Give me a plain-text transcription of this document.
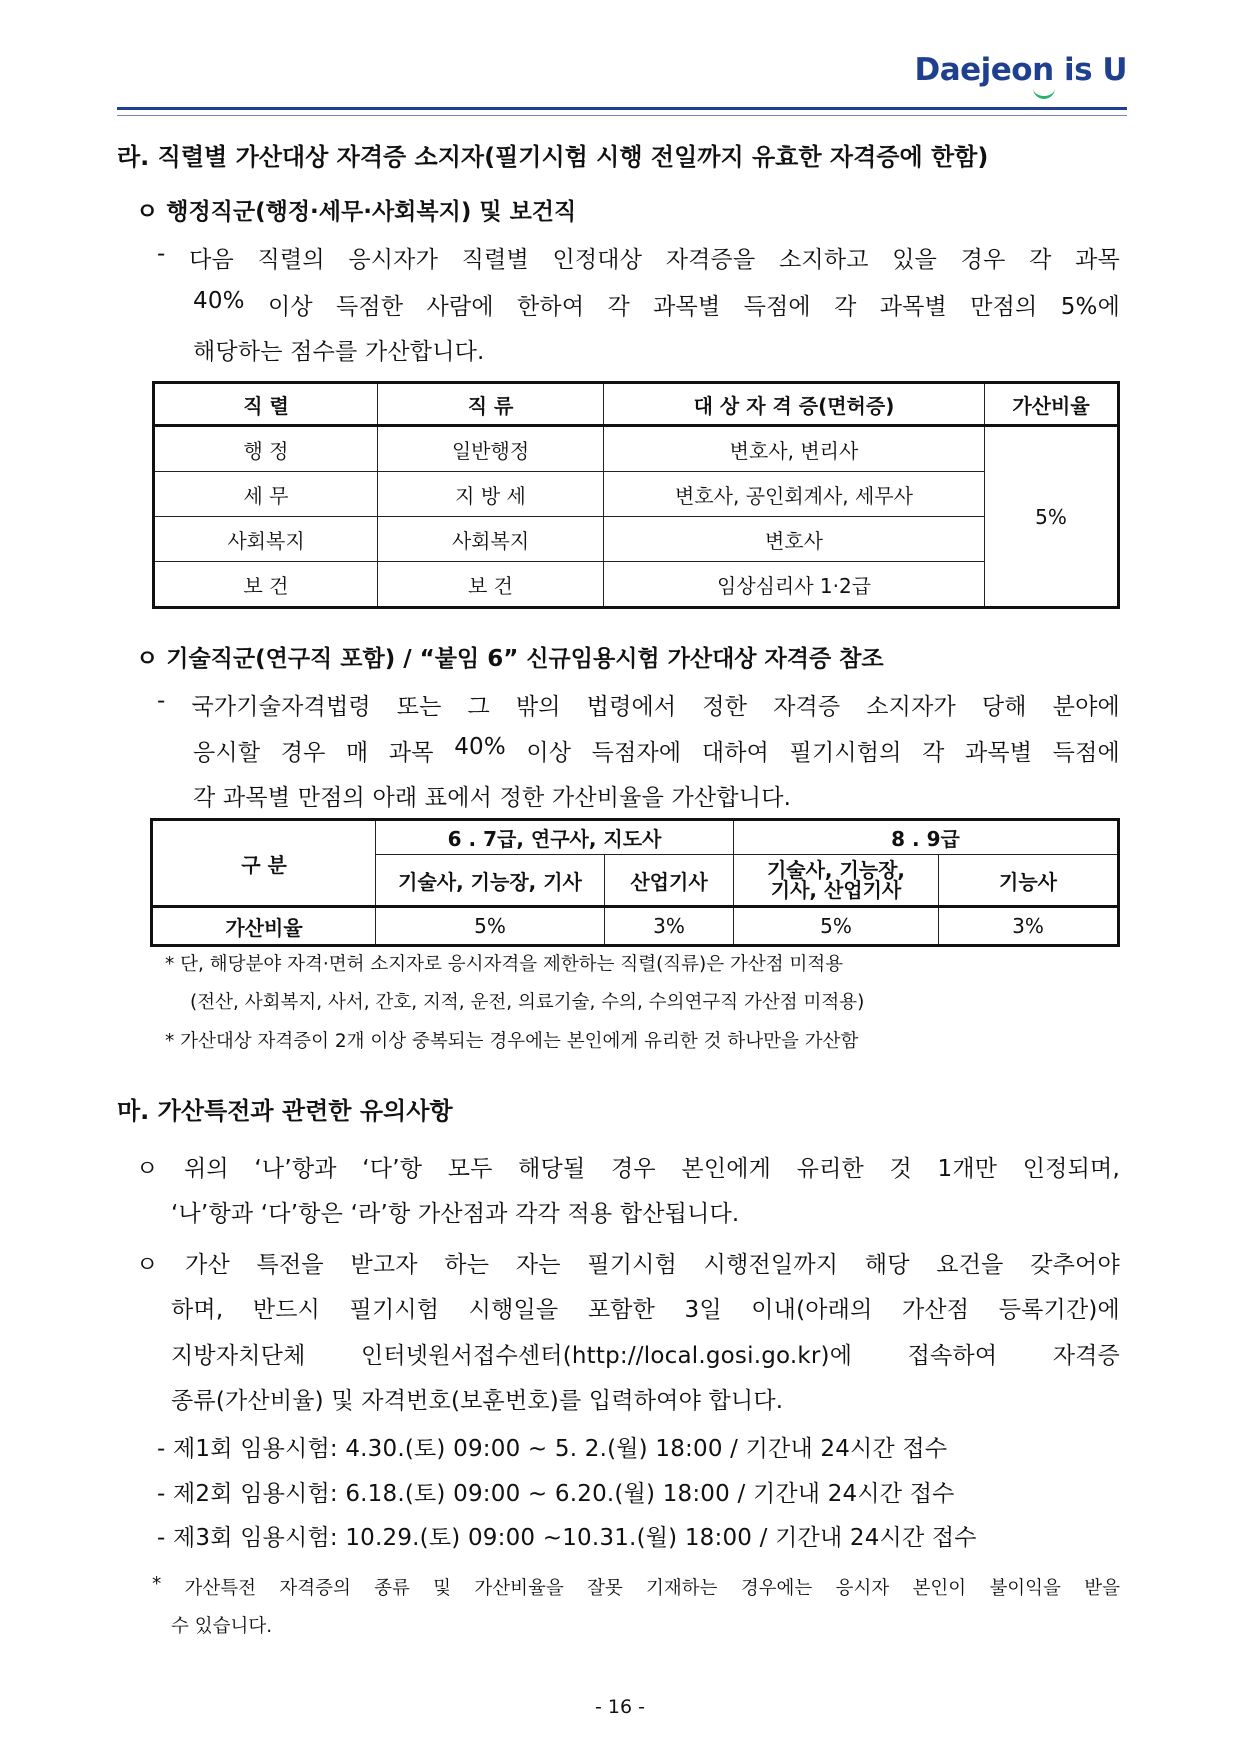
Daejeon is U
라. 직렬별 가산대상 자격증 소지자(필기시험 시행 전일까지 유효한 자격증에 한함)
ㅇ 행정직군(행정·세무·사회복지) 및 보건직
- 다음 직렬의 응시자가 직렬별 인정대상 자격증을 소지하고 있을 경우 각 과목
40% 이상 득점한 사람에 한하여 각 과목별 득점에 각 과목별 만점의 5%에
해당하는 점수를 가산합니다.
직 렬	직 류	대 상 자 격 증(면허증)	가산비율
행 정	일반행정	변호사, 변리사	5%
세 무	지 방 세	변호사, 공인회계사, 세무사	
사회복지	사회복지	변호사	
보 건	보 건	임상심리사 1·2급	
ㅇ 기술직군(연구직 포함) / “붙임 6” 신규임용시험 가산대상 자격증 참조
- 국가기술자격법령 또는 그 밖의 법령에서 정한 자격증 소지자가 당해 분야에
응시할 경우 매 과목 40% 이상 득점자에 대하여 필기시험의 각 과목별 득점에
각 과목별 만점의 아래 표에서 정한 가산비율을 가산합니다.
구 분	6 . 7급, 연구사, 지도사		8 . 9급	
	기술사, 기능장, 기사	산업기사	기술사, 기능장,
기사, 산업기사	기능사
가산비율	5%	3%	5%	3%
* 단, 해당분야 자격·면허 소지자로 응시자격을 제한하는 직렬(직류)은 가산점 미적용
(전산, 사회복지, 사서, 간호, 지적, 운전, 의료기술, 수의, 수의연구직 가산점 미적용)
* 가산대상 자격증이 2개 이상 중복되는 경우에는 본인에게 유리한 것 하나만을 가산함
마. 가산특전과 관련한 유의사항
ㅇ 위의 ‘나’항과 ‘다’항 모두 해당될 경우 본인에게 유리한 것 1개만 인정되며,
‘나’항과 ‘다’항은 ‘라’항 가산점과 각각 적용 합산됩니다.
ㅇ 가산 특전을 받고자 하는 자는 필기시험 시행전일까지 해당 요건을 갖추어야
하며, 반드시 필기시험 시행일을 포함한 3일 이내(아래의 가산점 등록기간)에
지방자치단체 인터넷원서접수센터(http://local.gosi.go.kr)에 접속하여 자격증
종류(가산비율) 및 자격번호(보훈번호)를 입력하여야 합니다.
- 제1회 임용시험: 4.30.(토) 09:00 ~ 5. 2.(월) 18:00 / 기간내 24시간 접수
- 제2회 임용시험: 6.18.(토) 09:00 ~ 6.20.(월) 18:00 / 기간내 24시간 접수
- 제3회 임용시험: 10.29.(토) 09:00 ~10.31.(월) 18:00 / 기간내 24시간 접수
* 가산특전 자격증의 종류 및 가산비율을 잘못 기재하는 경우에는 응시자 본인이 불이익을 받을
수 있습니다.
- 16 -
